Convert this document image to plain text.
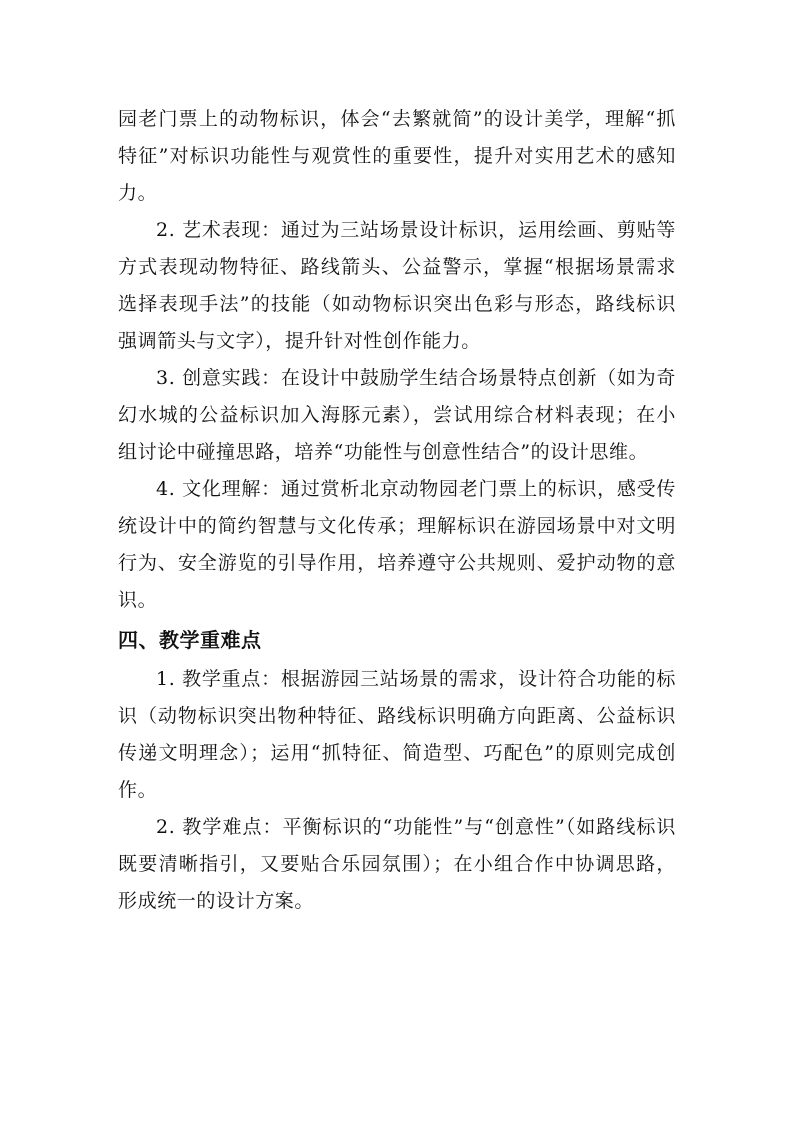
园老门票上的动物标识，体会“去繁就简”的设计美学，理解“抓特征”对标识功能性与观赏性的重要性，提升对实用艺术的感知力。

2. 艺术表现：通过为三站场景设计标识，运用绘画、剪贴等方式表现动物特征、路线箭头、公益警示，掌握“根据场景需求选择表现手法”的技能（如动物标识突出色彩与形态，路线标识强调箭头与文字），提升针对性创作能力。

3. 创意实践：在设计中鼓励学生结合场景特点创新（如为奇幻水城的公益标识加入海豚元素），尝试用综合材料表现；在小组讨论中碰撞思路，培养“功能性与创意性结合”的设计思维。

4. 文化理解：通过赏析北京动物园老门票上的标识，感受传统设计中的简约智慧与文化传承；理解标识在游园场景中对文明行为、安全游览的引导作用，培养遵守公共规则、爱护动物的意识。

四、教学重难点

1. 教学重点：根据游园三站场景的需求，设计符合功能的标识（动物标识突出物种特征、路线标识明确方向距离、公益标识传递文明理念）；运用“抓特征、简造型、巧配色”的原则完成创作。

2. 教学难点：平衡标识的“功能性”与“创意性”（如路线标识既要清晰指引，又要贴合乐园氛围）；在小组合作中协调思路，形成统一的设计方案。
